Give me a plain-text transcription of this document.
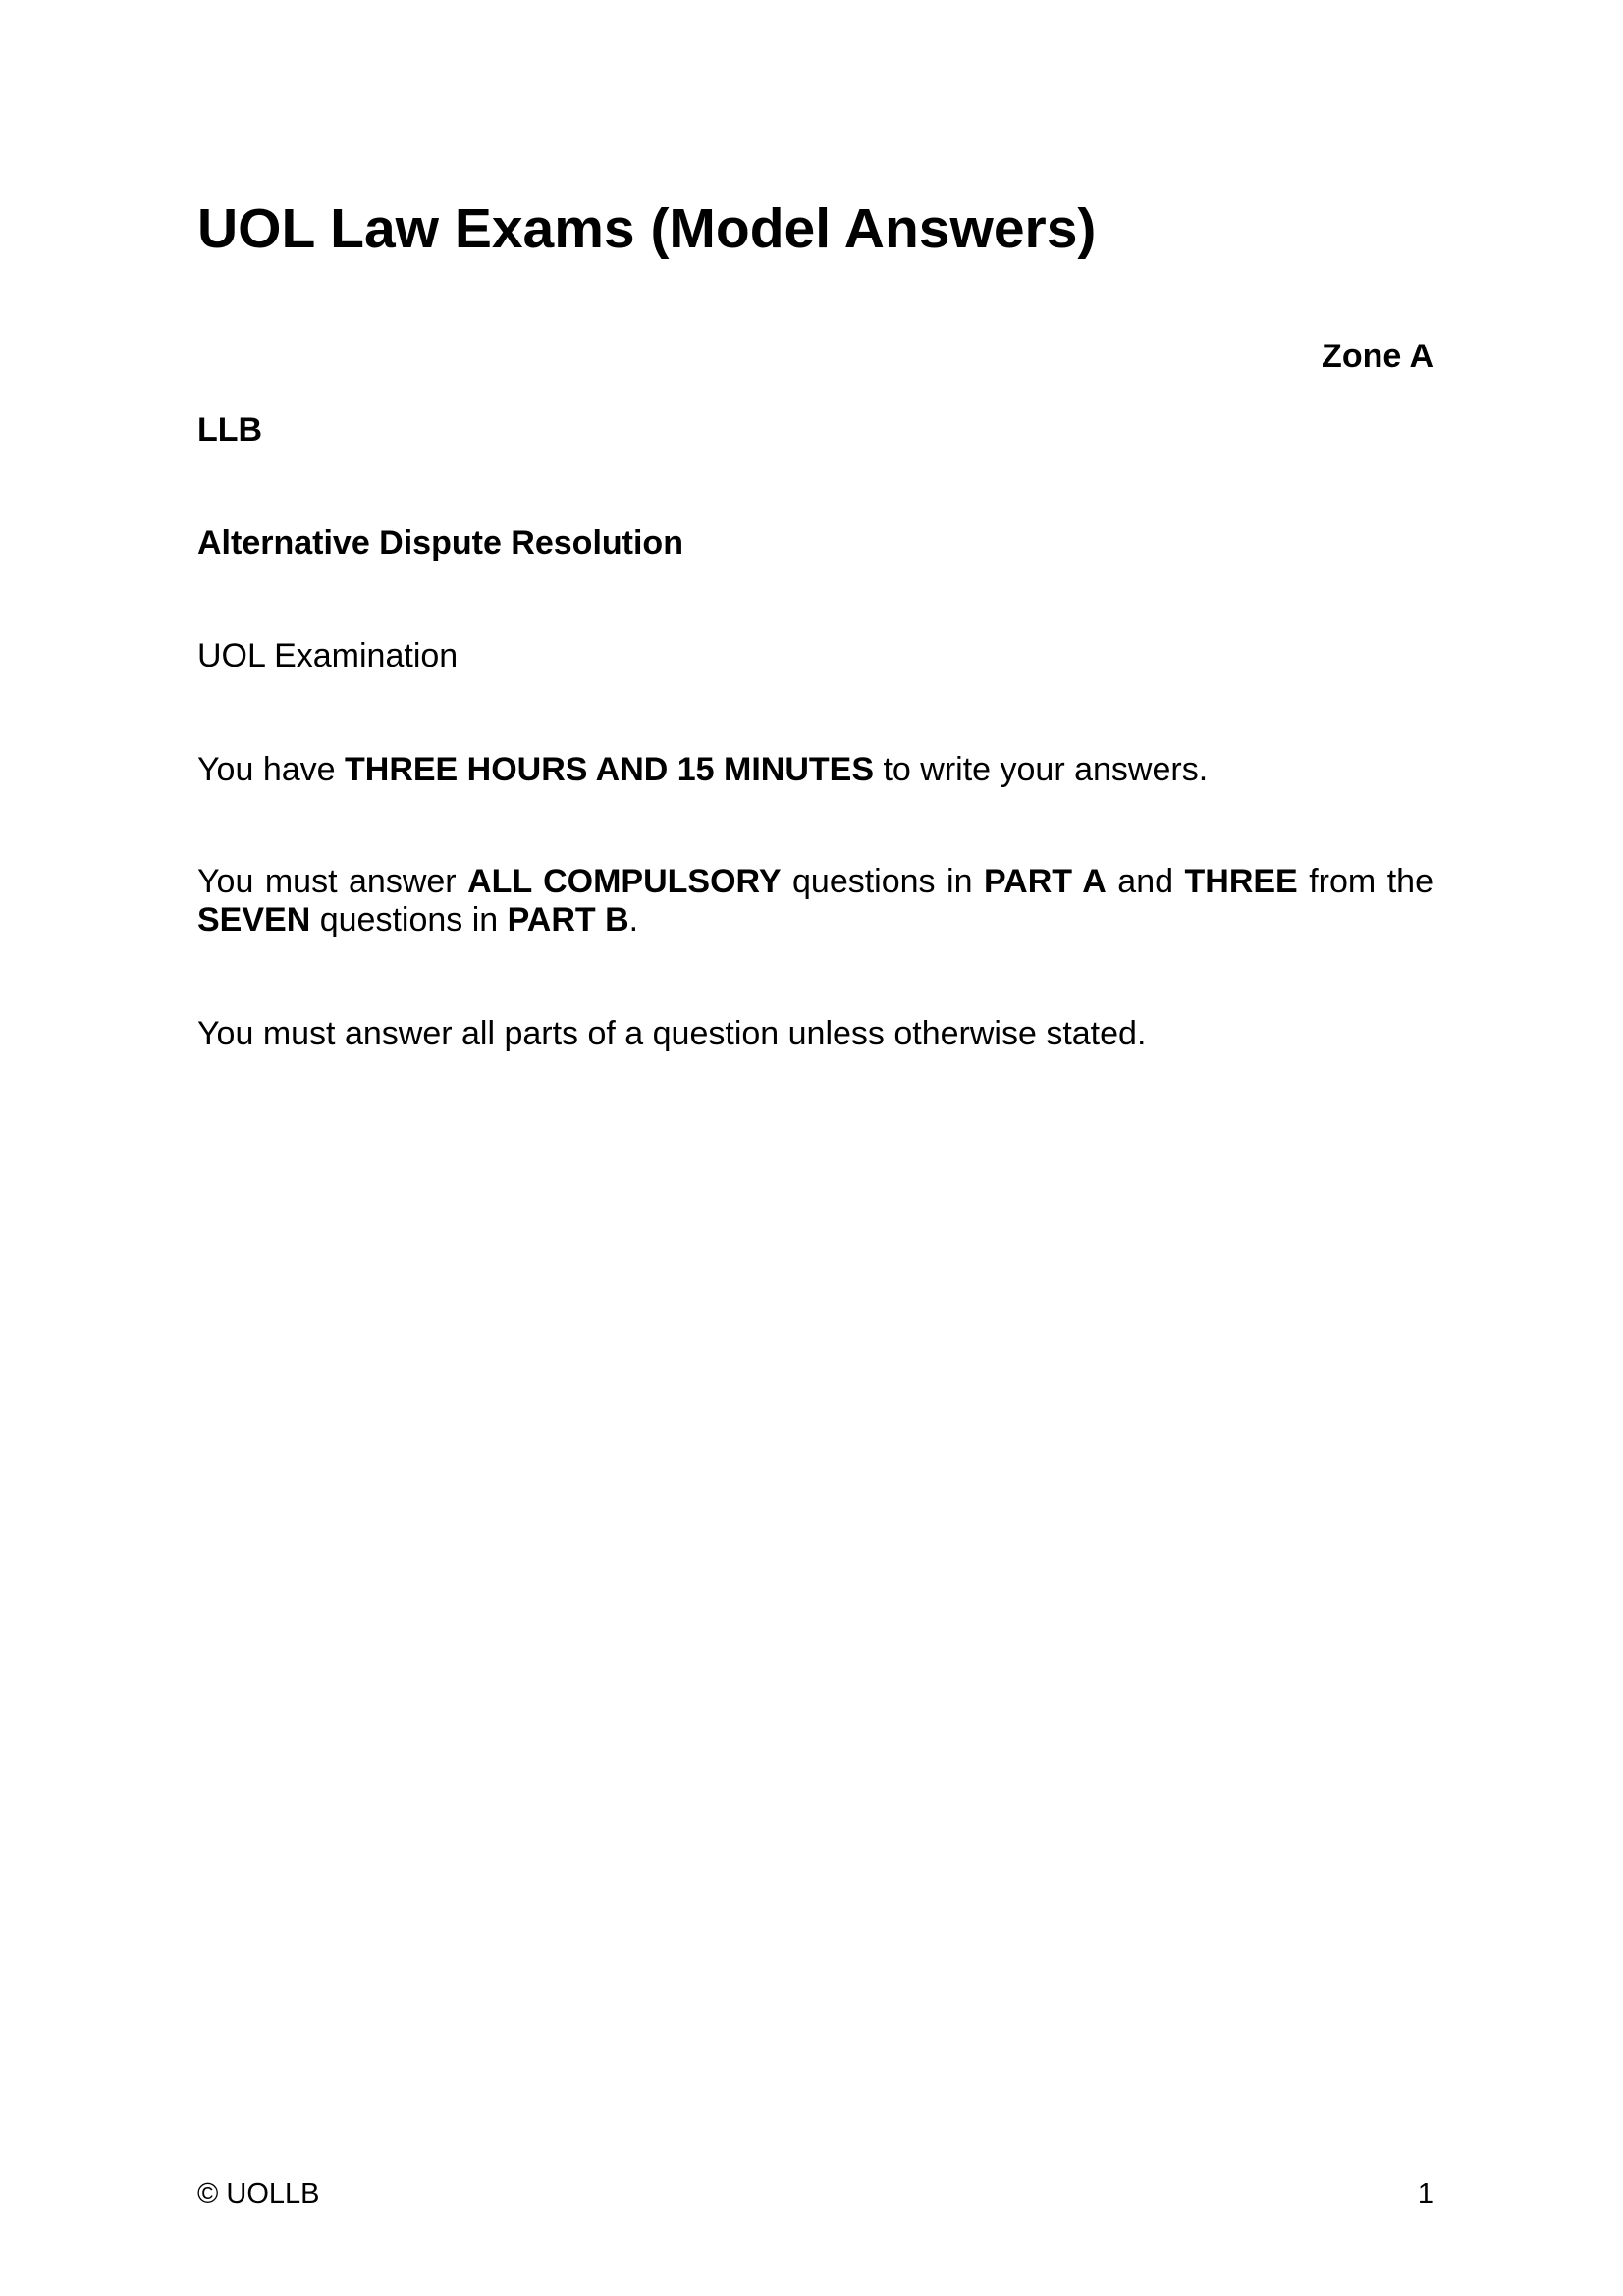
UOL Law Exams (Model Answers)
Zone A
LLB
Alternative Dispute Resolution
UOL Examination
You have THREE HOURS AND 15 MINUTES to write your answers.
You must answer ALL COMPULSORY questions in PART A and THREE from the SEVEN questions in PART B.
You must answer all parts of a question unless otherwise stated.
© UOLLB	1
